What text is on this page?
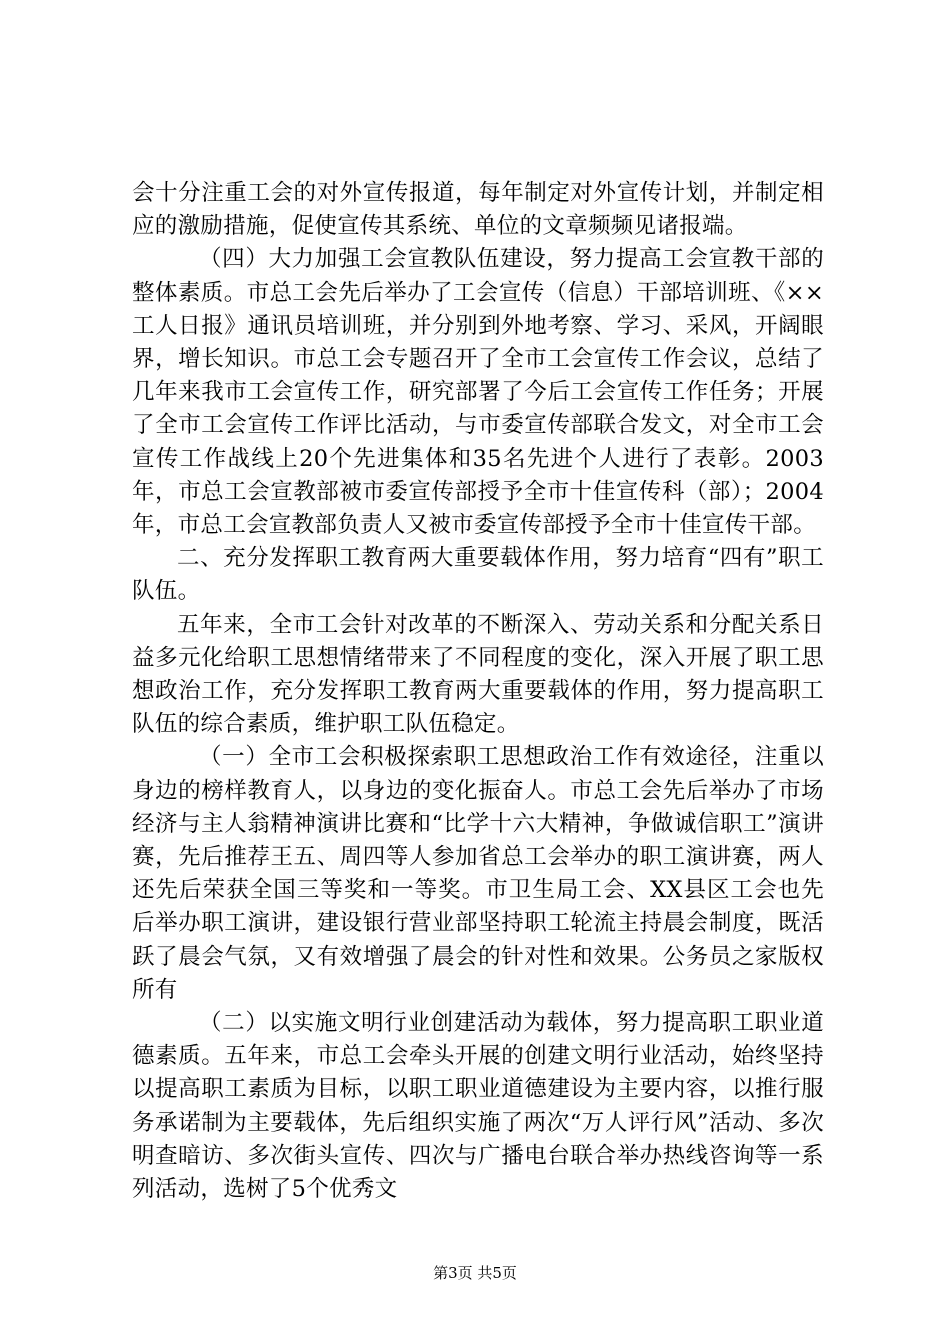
会十分注重工会的对外宣传报道，每年制定对外宣传计划，并制定相应的激励措施，促使宣传其系统、单位的文章频频见诸报端。

（四）大力加强工会宣教队伍建设，努力提高工会宣教干部的整体素质。市总工会先后举办了工会宣传（信息）干部培训班、《××工人日报》通讯员培训班，并分别到外地考察、学习、采风，开阔眼界，增长知识。市总工会专题召开了全市工会宣传工作会议，总结了几年来我市工会宣传工作，研究部署了今后工会宣传工作任务；开展了全市工会宣传工作评比活动，与市委宣传部联合发文，对全市工会宣传工作战线上20个先进集体和35名先进个人进行了表彰。2003年，市总工会宣教部被市委宣传部授予全市十佳宣传科（部）；2004年，市总工会宣教部负责人又被市委宣传部授予全市十佳宣传干部。

二、充分发挥职工教育两大重要载体作用，努力培育“四有”职工队伍。

五年来，全市工会针对改革的不断深入、劳动关系和分配关系日益多元化给职工思想情绪带来了不同程度的变化，深入开展了职工思想政治工作，充分发挥职工教育两大重要载体的作用，努力提高职工队伍的综合素质，维护职工队伍稳定。

（一）全市工会积极探索职工思想政治工作有效途径，注重以身边的榜样教育人，以身边的变化振奋人。市总工会先后举办了市场经济与主人翁精神演讲比赛和“比学十六大精神，争做诚信职工”演讲赛，先后推荐王五、周四等人参加省总工会举办的职工演讲赛，两人还先后荣获全国三等奖和一等奖。市卫生局工会、XX县区工会也先后举办职工演讲，建设银行营业部坚持职工轮流主持晨会制度，既活跃了晨会气氛，又有效增强了晨会的针对性和效果。公务员之家版权所有

（二）以实施文明行业创建活动为载体，努力提高职工职业道德素质。五年来，市总工会牵头开展的创建文明行业活动，始终坚持以提高职工素质为目标，以职工职业道德建设为主要内容，以推行服务承诺制为主要载体，先后组织实施了两次“万人评行风”活动、多次明查暗访、多次街头宣传、四次与广播电台联合举办热线咨询等一系列活动，选树了5个优秀文

第3页 共5页
